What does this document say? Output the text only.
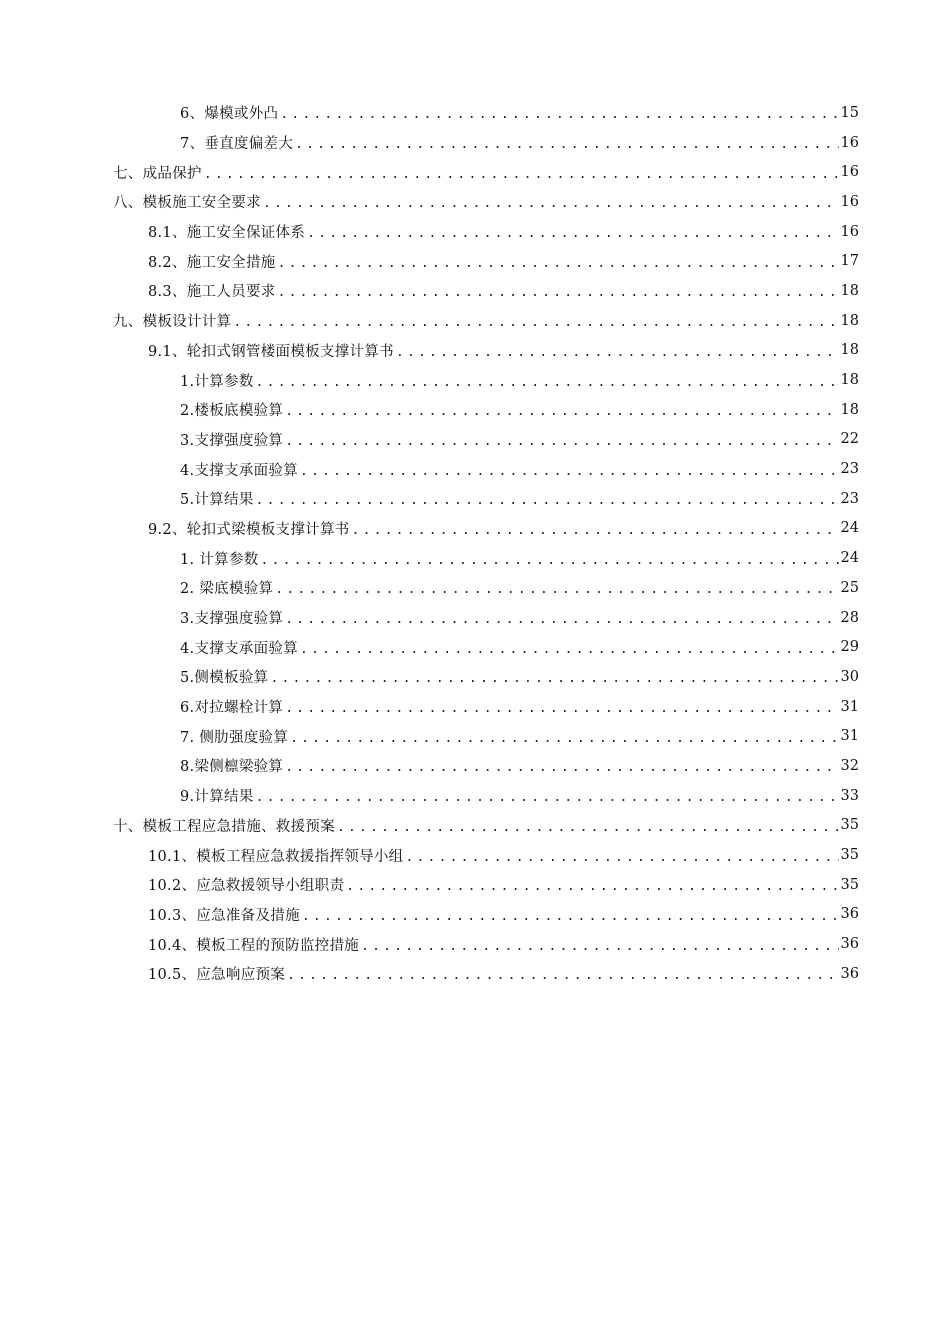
6、爆模或外凸 .....	15
7、垂直度偏差大 .....	16
七、成品保护 .....	16
八、模板施工安全要求 .....	16
8.1、施工安全保证体系 .....	16
8.2、施工安全措施 .....	17
8.3、施工人员要求 .....	18
九、模板设计计算 .....	18
9.1、轮扣式钢管楼面模板支撑计算书 .....	18
1.计算参数 .....	18
2.楼板底模验算 .....	18
3.支撑强度验算 .....	22
4.支撑支承面验算 .....	23
5.计算结果 .....	23
9.2、轮扣式梁模板支撑计算书 .....	24
1. 计算参数 .....	24
2. 梁底模验算 .....	25
3.支撑强度验算 .....	28
4.支撑支承面验算 .....	29
5.侧模板验算 .....	30
6.对拉螺栓计算 .....	31
7. 侧肋强度验算 .....	31
8.梁侧檩梁验算 .....	32
9.计算结果 .....	33
十、模板工程应急措施、救援预案 .....	35
10.1、模板工程应急救援指挥领导小组 .....	35
10.2、应急救援领导小组职责 .....	35
10.3、应急准备及措施 .....	36
10.4、模板工程的预防监控措施 .....	36
10.5、应急响应预案 .....	36
